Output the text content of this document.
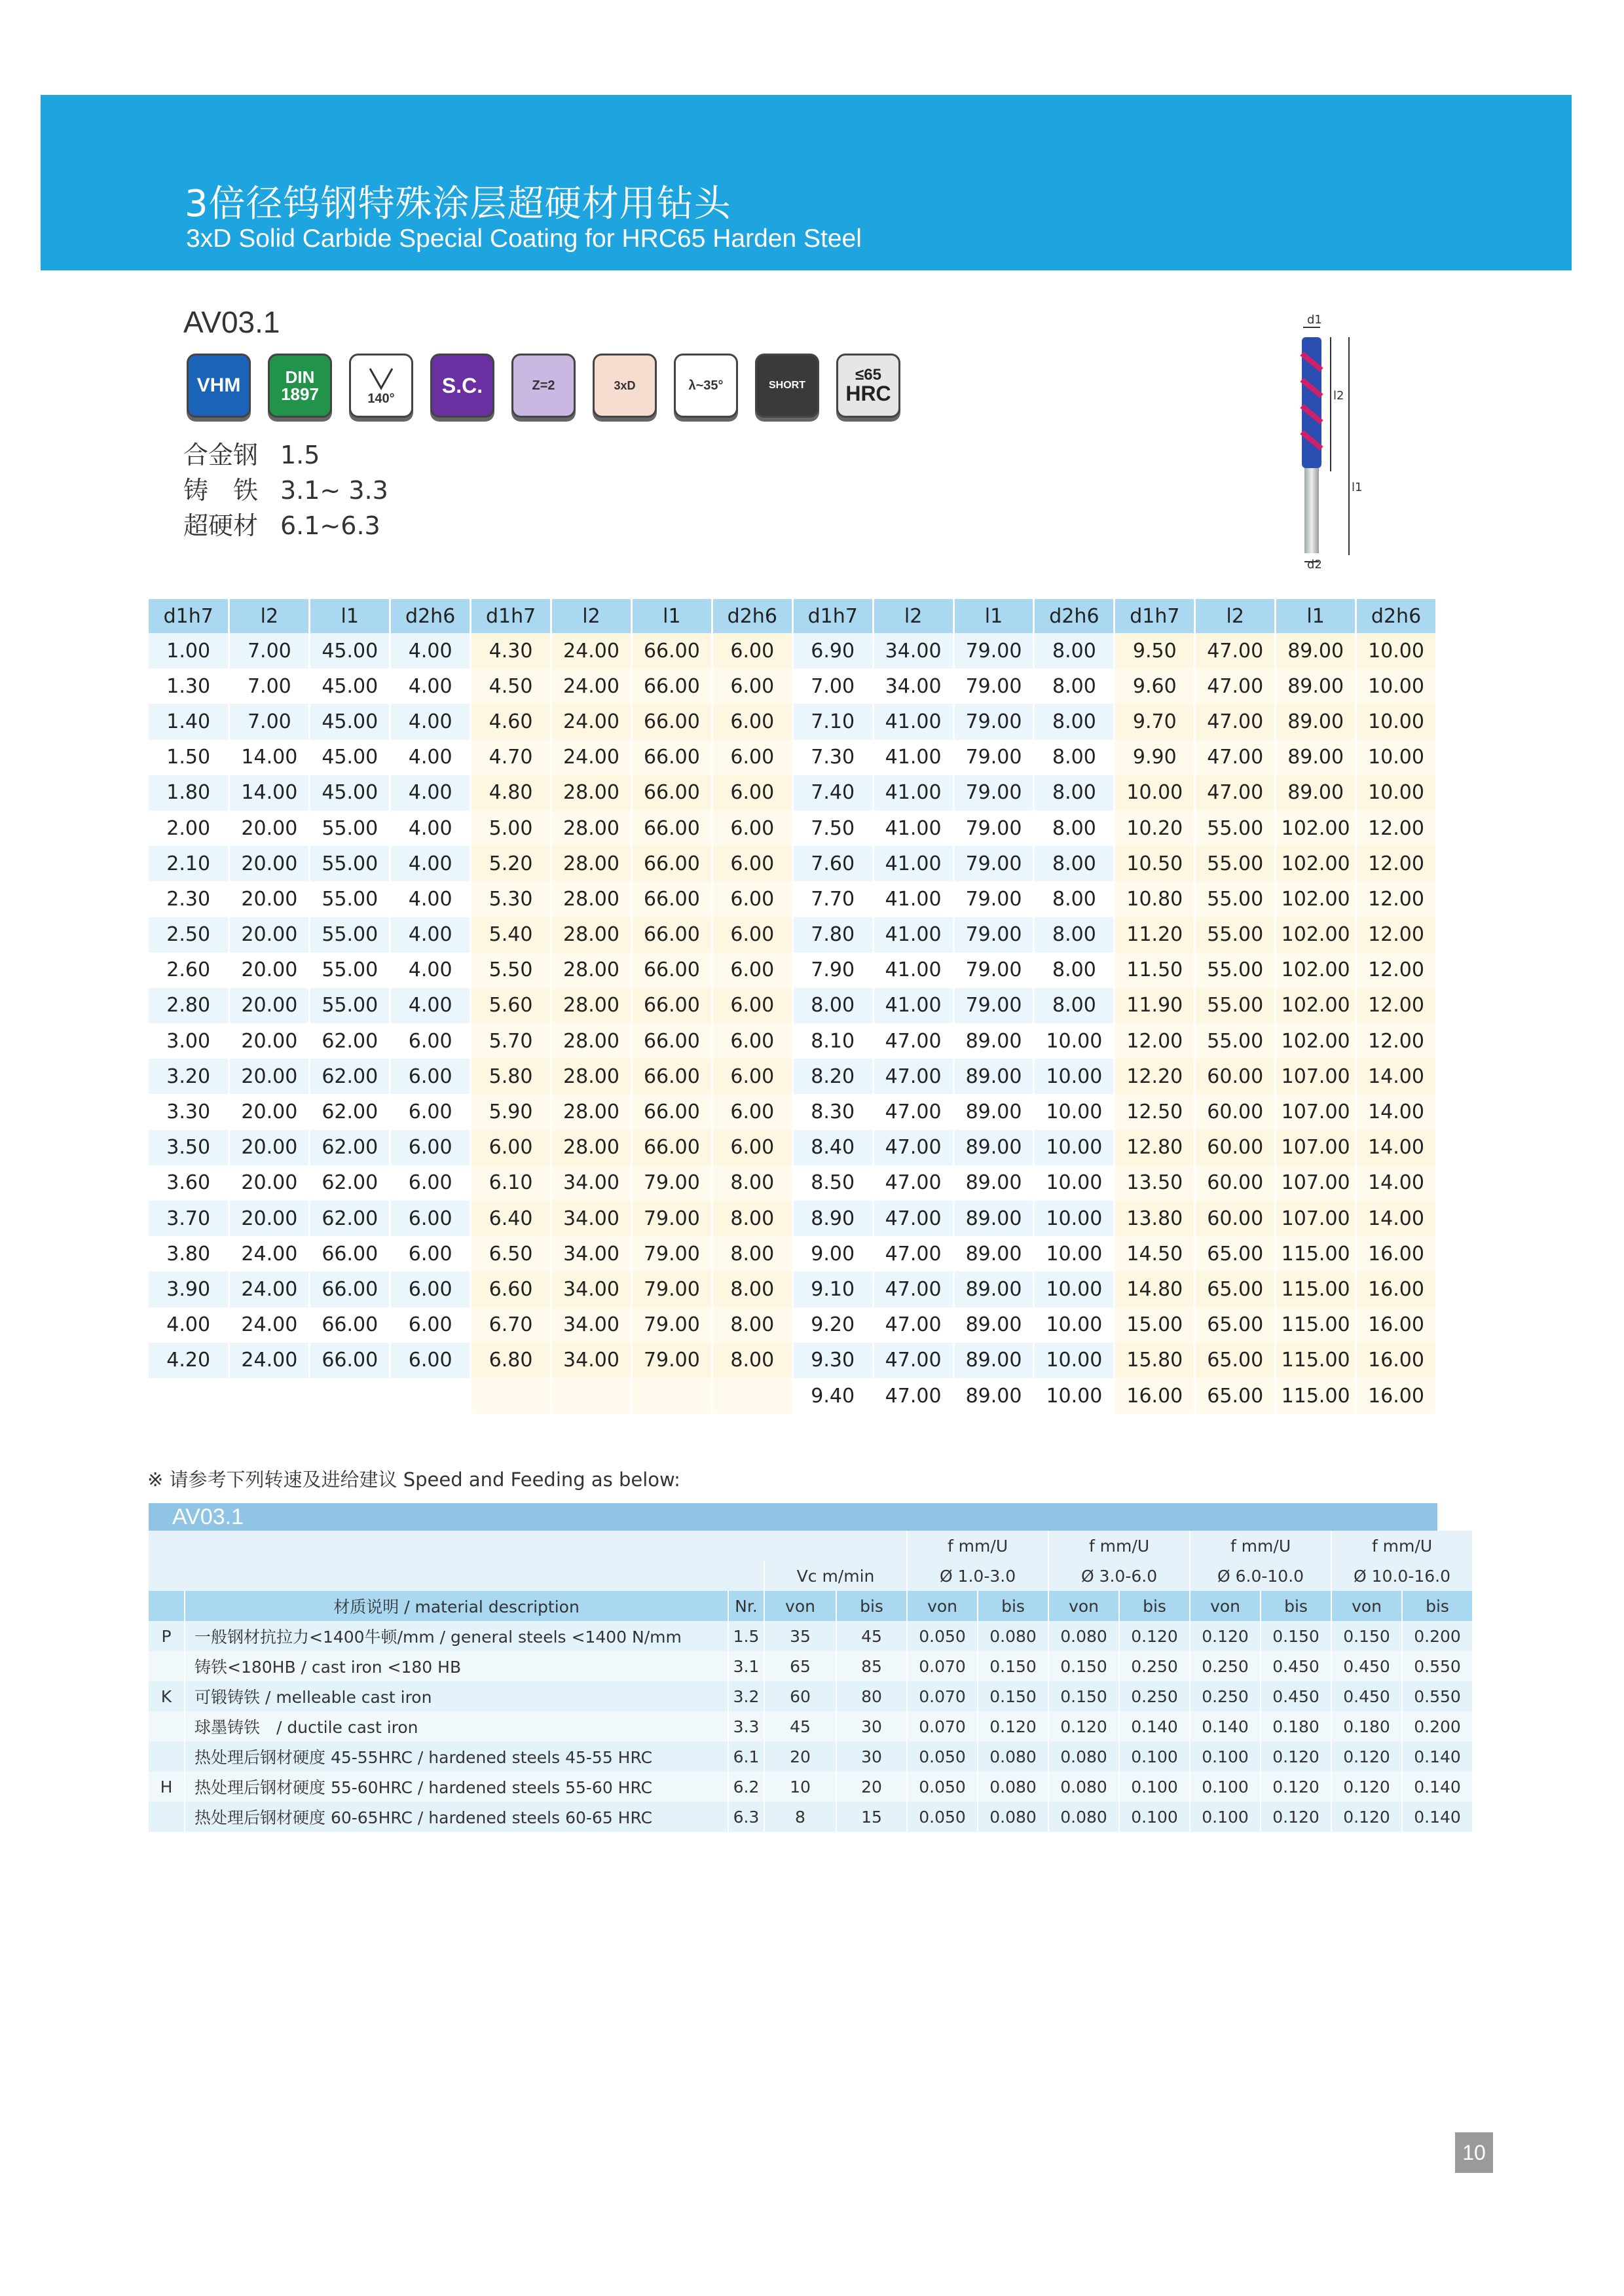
3倍径钨钢特殊涂层超硬材用钻头
3xD Solid Carbide Special Coating for HRC65 Harden Steel
AV03.1
VHM	DIN
1897	140°
S.C.	Z=2	3xD	λ~35°	SHORT
≤65
HRC
合金钢 1.5
铸　铁 3.1~ 3.3
超硬材 6.1~6.3
d1
l2
l1
d2
d1h7	l2	l1	d2h6	d1h7	l2	l1	d2h6	d1h7	l2	l1	d2h6	d1h7	l2	l1	d2h6
1.00	7.00	45.00	4.00	4.30	24.00	66.00	6.00	6.90	34.00	79.00	8.00	9.50	47.00	89.00	10.00
1.30	7.00	45.00	4.00	4.50	24.00	66.00	6.00	7.00	34.00	79.00	8.00	9.60	47.00	89.00	10.00
1.40	7.00	45.00	4.00	4.60	24.00	66.00	6.00	7.10	41.00	79.00	8.00	9.70	47.00	89.00	10.00
1.50	14.00	45.00	4.00	4.70	24.00	66.00	6.00	7.30	41.00	79.00	8.00	9.90	47.00	89.00	10.00
1.80	14.00	45.00	4.00	4.80	28.00	66.00	6.00	7.40	41.00	79.00	8.00	10.00	47.00	89.00	10.00
2.00	20.00	55.00	4.00	5.00	28.00	66.00	6.00	7.50	41.00	79.00	8.00	10.20	55.00	102.00	12.00
2.10	20.00	55.00	4.00	5.20	28.00	66.00	6.00	7.60	41.00	79.00	8.00	10.50	55.00	102.00	12.00
2.30	20.00	55.00	4.00	5.30	28.00	66.00	6.00	7.70	41.00	79.00	8.00	10.80	55.00	102.00	12.00
2.50	20.00	55.00	4.00	5.40	28.00	66.00	6.00	7.80	41.00	79.00	8.00	11.20	55.00	102.00	12.00
2.60	20.00	55.00	4.00	5.50	28.00	66.00	6.00	7.90	41.00	79.00	8.00	11.50	55.00	102.00	12.00
2.80	20.00	55.00	4.00	5.60	28.00	66.00	6.00	8.00	41.00	79.00	8.00	11.90	55.00	102.00	12.00
3.00	20.00	62.00	6.00	5.70	28.00	66.00	6.00	8.10	47.00	89.00	10.00	12.00	55.00	102.00	12.00
3.20	20.00	62.00	6.00	5.80	28.00	66.00	6.00	8.20	47.00	89.00	10.00	12.20	60.00	107.00	14.00
3.30	20.00	62.00	6.00	5.90	28.00	66.00	6.00	8.30	47.00	89.00	10.00	12.50	60.00	107.00	14.00
3.50	20.00	62.00	6.00	6.00	28.00	66.00	6.00	8.40	47.00	89.00	10.00	12.80	60.00	107.00	14.00
3.60	20.00	62.00	6.00	6.10	34.00	79.00	8.00	8.50	47.00	89.00	10.00	13.50	60.00	107.00	14.00
3.70	20.00	62.00	6.00	6.40	34.00	79.00	8.00	8.90	47.00	89.00	10.00	13.80	60.00	107.00	14.00
3.80	24.00	66.00	6.00	6.50	34.00	79.00	8.00	9.00	47.00	89.00	10.00	14.50	65.00	115.00	16.00
3.90	24.00	66.00	6.00	6.60	34.00	79.00	8.00	9.10	47.00	89.00	10.00	14.80	65.00	115.00	16.00
4.00	24.00	66.00	6.00	6.70	34.00	79.00	8.00	9.20	47.00	89.00	10.00	15.00	65.00	115.00	16.00
4.20	24.00	66.00	6.00	6.80	34.00	79.00	8.00	9.30	47.00	89.00	10.00	15.80	65.00	115.00	16.00
								9.40	47.00	89.00	10.00	16.00	65.00	115.00	16.00
※ 请参考下列转速及进给建议 Speed and Feeding as below:
AV03.1
					f mm/U		f mm/U		f mm/U		f mm/U	
			Vc m/min		Ø 1.0-3.0		Ø 3.0-6.0		Ø 6.0-10.0		Ø 10.0-16.0	
	材质说明 / material description	Nr.	von	bis	von	bis	von	bis	von	bis	von	bis
P	一般钢材抗拉力<1400牛顿/mm / general steels <1400 N/mm	1.5	35	45	0.050	0.080	0.080	0.120	0.120	0.150	0.150	0.200
	铸铁<180HB / cast iron <180 HB	3.1	65	85	0.070	0.150	0.150	0.250	0.250	0.450	0.450	0.550
K	可锻铸铁 / melleable cast iron	3.2	60	80	0.070	0.150	0.150	0.250	0.250	0.450	0.450	0.550
	球墨铸铁　/ ductile cast iron	3.3	45	30	0.070	0.120	0.120	0.140	0.140	0.180	0.180	0.200
	热处理后钢材硬度 45-55HRC / hardened steels 45-55 HRC	6.1	20	30	0.050	0.080	0.080	0.100	0.100	0.120	0.120	0.140
H	热处理后钢材硬度 55-60HRC / hardened steels 55-60 HRC	6.2	10	20	0.050	0.080	0.080	0.100	0.100	0.120	0.120	0.140
	热处理后钢材硬度 60-65HRC / hardened steels 60-65 HRC	6.3	8	15	0.050	0.080	0.080	0.100	0.100	0.120	0.120	0.140
10
